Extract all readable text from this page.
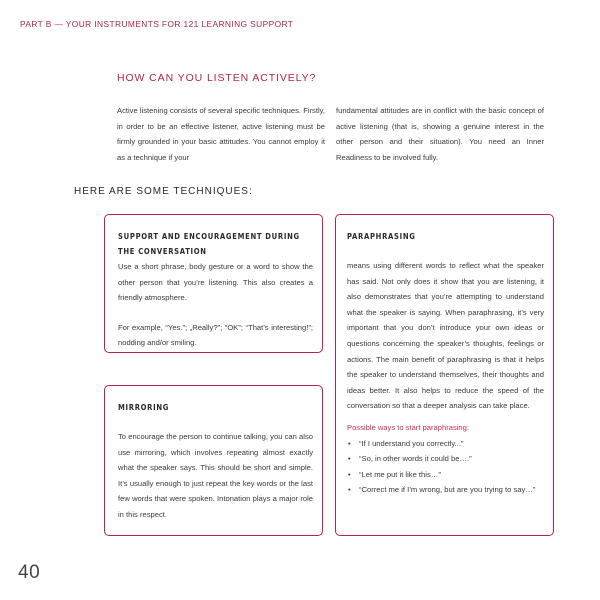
PART B — YOUR INSTRUMENTS FOR 121 LEARNING SUPPORT
HOW CAN YOU LISTEN ACTIVELY?

Active listening consists of several specific techniques. Firstly, in order to be an effective listener, active listening must be firmly grounded in your basic attitudes. You cannot employ it as a technique if your

fundamental attitudes are in conflict with the basic concept of active listening (that is, showing a genuine interest in the other person and their situation). You need an Inner Readiness to be involved fully.

HERE ARE SOME TECHNIQUES:
SUPPORT AND ENCOURAGEMENT DURING THE CONVERSATION

Use a short phrase, body gesture or a word to show the other person that you’re listening. This also creates a friendly atmosphere.

For example, “Yes.”; „Really?”; “OK”; “That’s interesting!”; nodding and/or smiling.

MIRRORING

To encourage the person to continue talking, you can also use mirroring, which involves repeating almost exactly what the speaker says. This should be short and simple. It’s usually enough to just repeat the key words or the last few words that were spoken. Intonation plays a major role in this respect.

PARAPHRASING

means using different words to reflect what the speaker has said. Not only does it show that you are listening, it also demonstrates that you’re attempting to understand what the speaker is saying. When paraphrasing, it’s very important that you don’t introduce your own ideas or questions concerning the speaker’s thoughts, feelings or actions. The main benefit of paraphrasing is that it helps the speaker to understand themselves, their thoughts and ideas better. It also helps to reduce the speed of the conversation so that a deeper analysis can take place.

Possible ways to start paraphrasing:

• “If I understand you correctly...”
• “So, in other words it could be….”
• “Let me put it like this…”
• “Correct me if I’m wrong, but are you trying to say…”
40
